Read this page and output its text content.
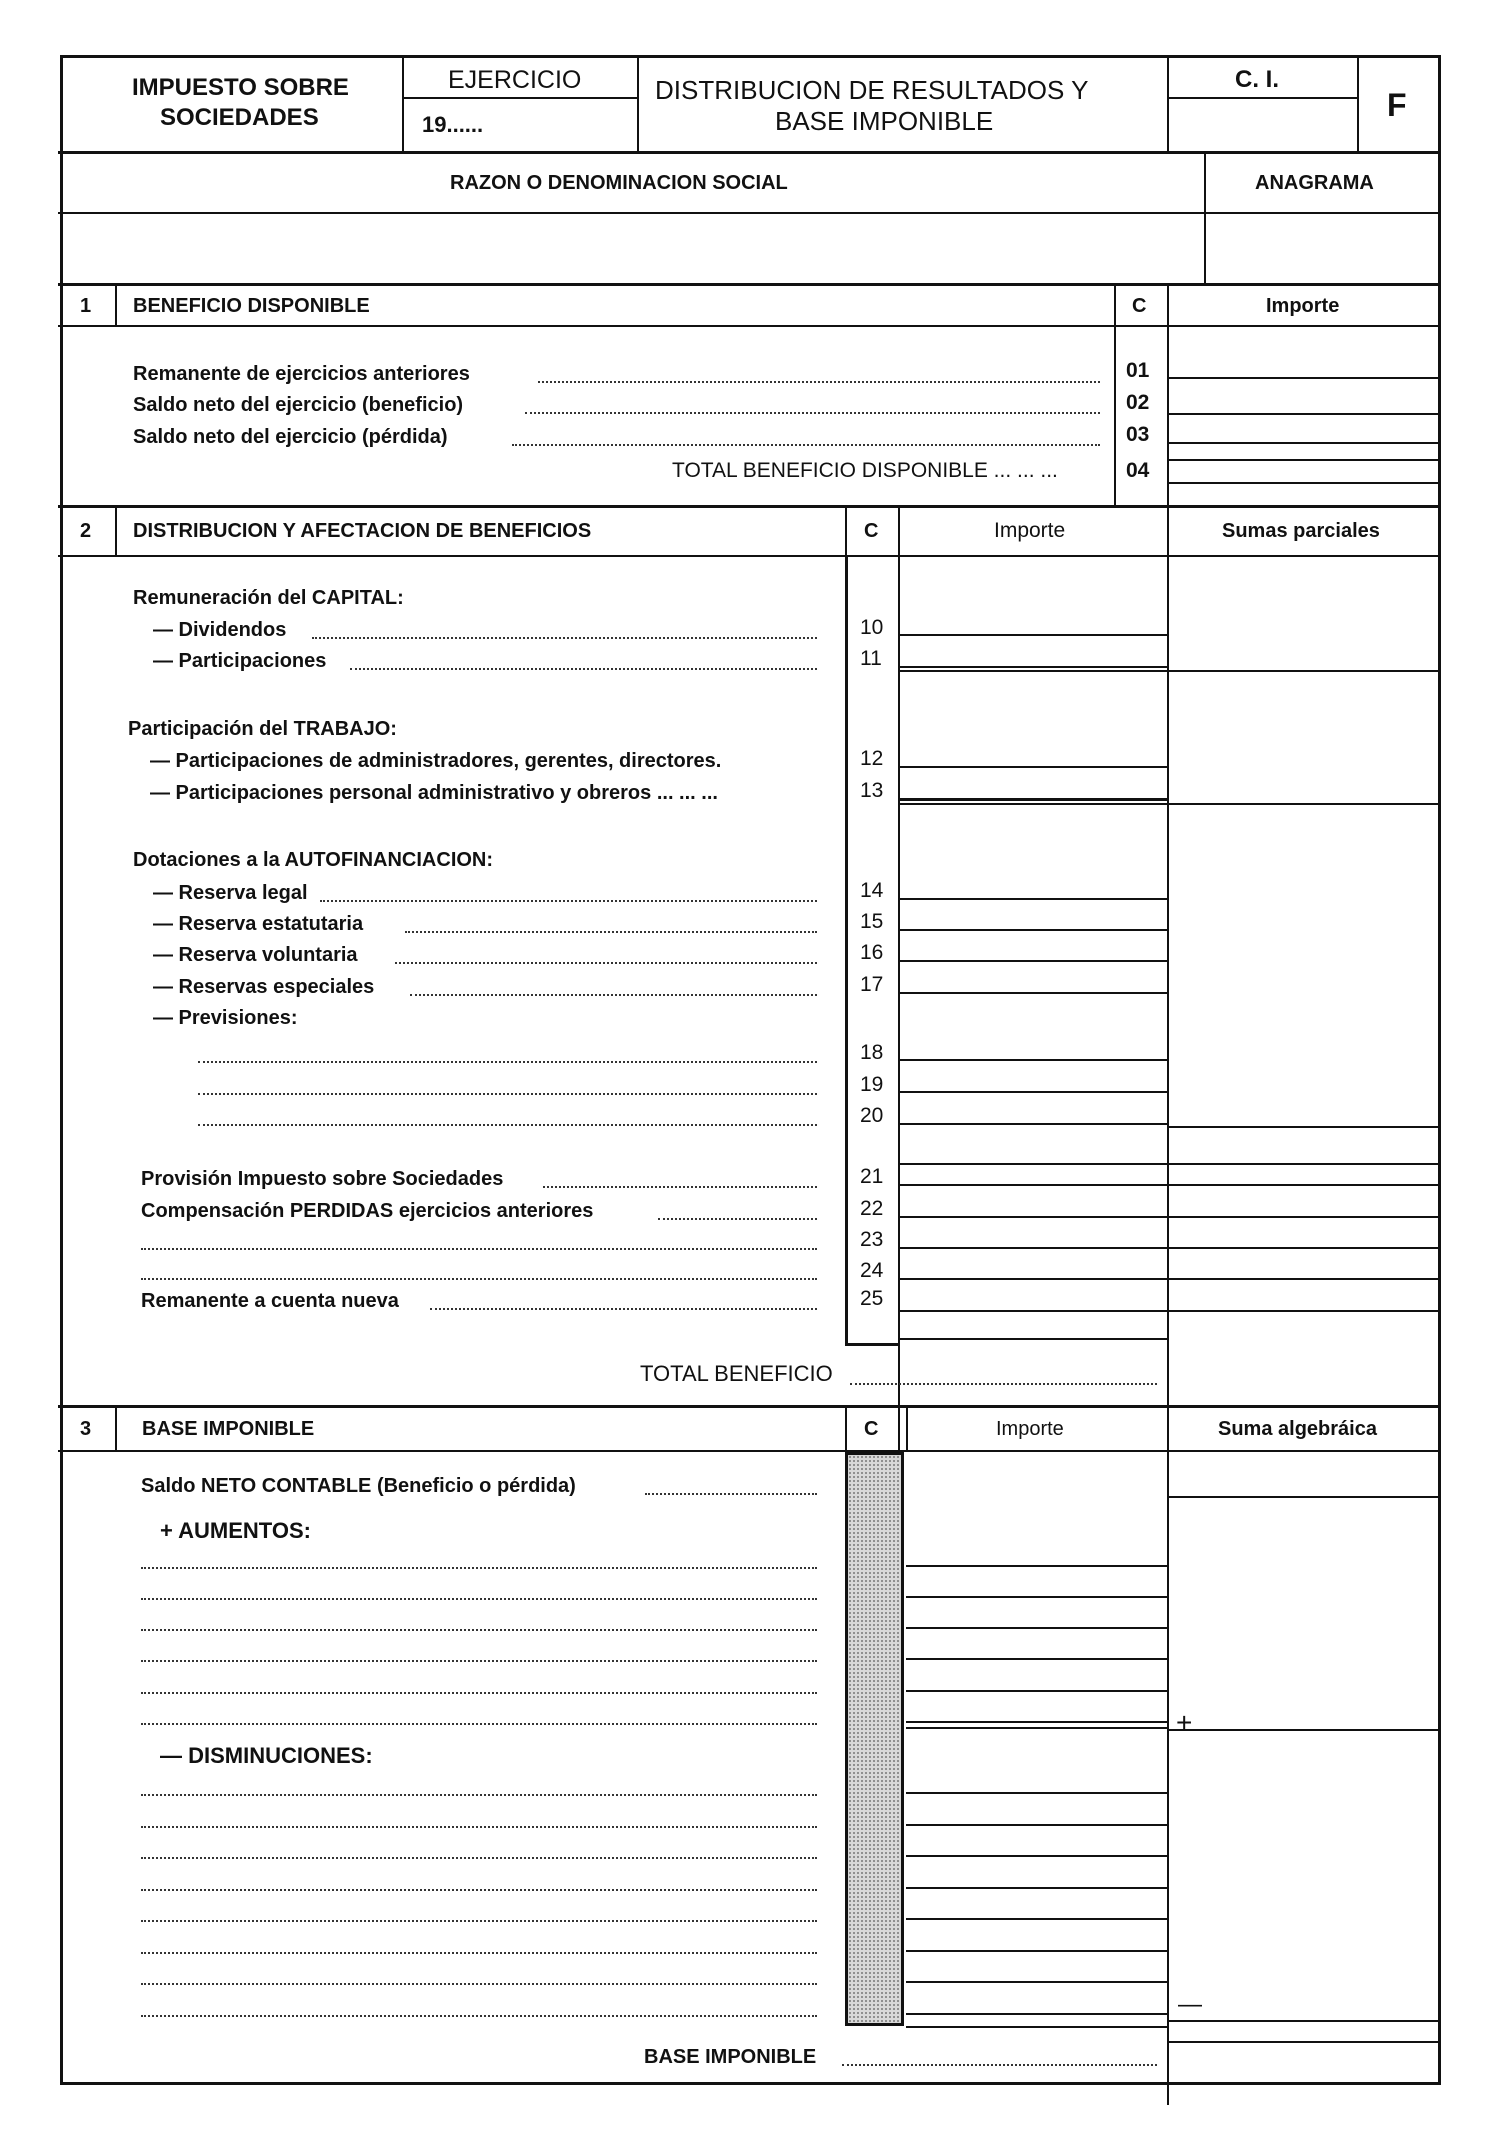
IMPUESTO SOBRE
SOCIEDADES
EJERCICIO
19......
DISTRIBUCION DE RESULTADOS Y
BASE IMPONIBLE
C. I.
F
RAZON O DENOMINACION SOCIAL	ANAGRAMA
1 BENEFICIO DISPONIBLE	C	Importe
Remanente de ejercicios anteriores	01
Saldo neto del ejercicio (beneficio)	02
Saldo neto del ejercicio (pérdida)	03
TOTAL BENEFICIO DISPONIBLE ... ... ...	04
2 DISTRIBUCION Y AFECTACION DE BENEFICIOS	C	Importe	Sumas parciales
Remuneración del CAPITAL:
— Dividendos	10
— Participaciones	11
Participación del TRABAJO:
— Participaciones de administradores, gerentes, directores.	12
— Participaciones personal administrativo y obreros ... ... ...	13
Dotaciones a la AUTOFINANCIACION:
— Reserva legal	14
— Reserva estatutaria	15
— Reserva voluntaria	16
— Reservas especiales	17
— Previsiones:
18
19
20
Provisión Impuesto sobre Sociedades	21
Compensación PERDIDAS ejercicios anteriores	22
23
24
Remanente a cuenta nueva	25
TOTAL BENEFICIO
3	BASE IMPONIBLE	C	Importe	Suma algebráica
Saldo NETO CONTABLE (Beneficio o pérdida)
+ AUMENTOS:
+
— DISMINUCIONES:
—
BASE IMPONIBLE
